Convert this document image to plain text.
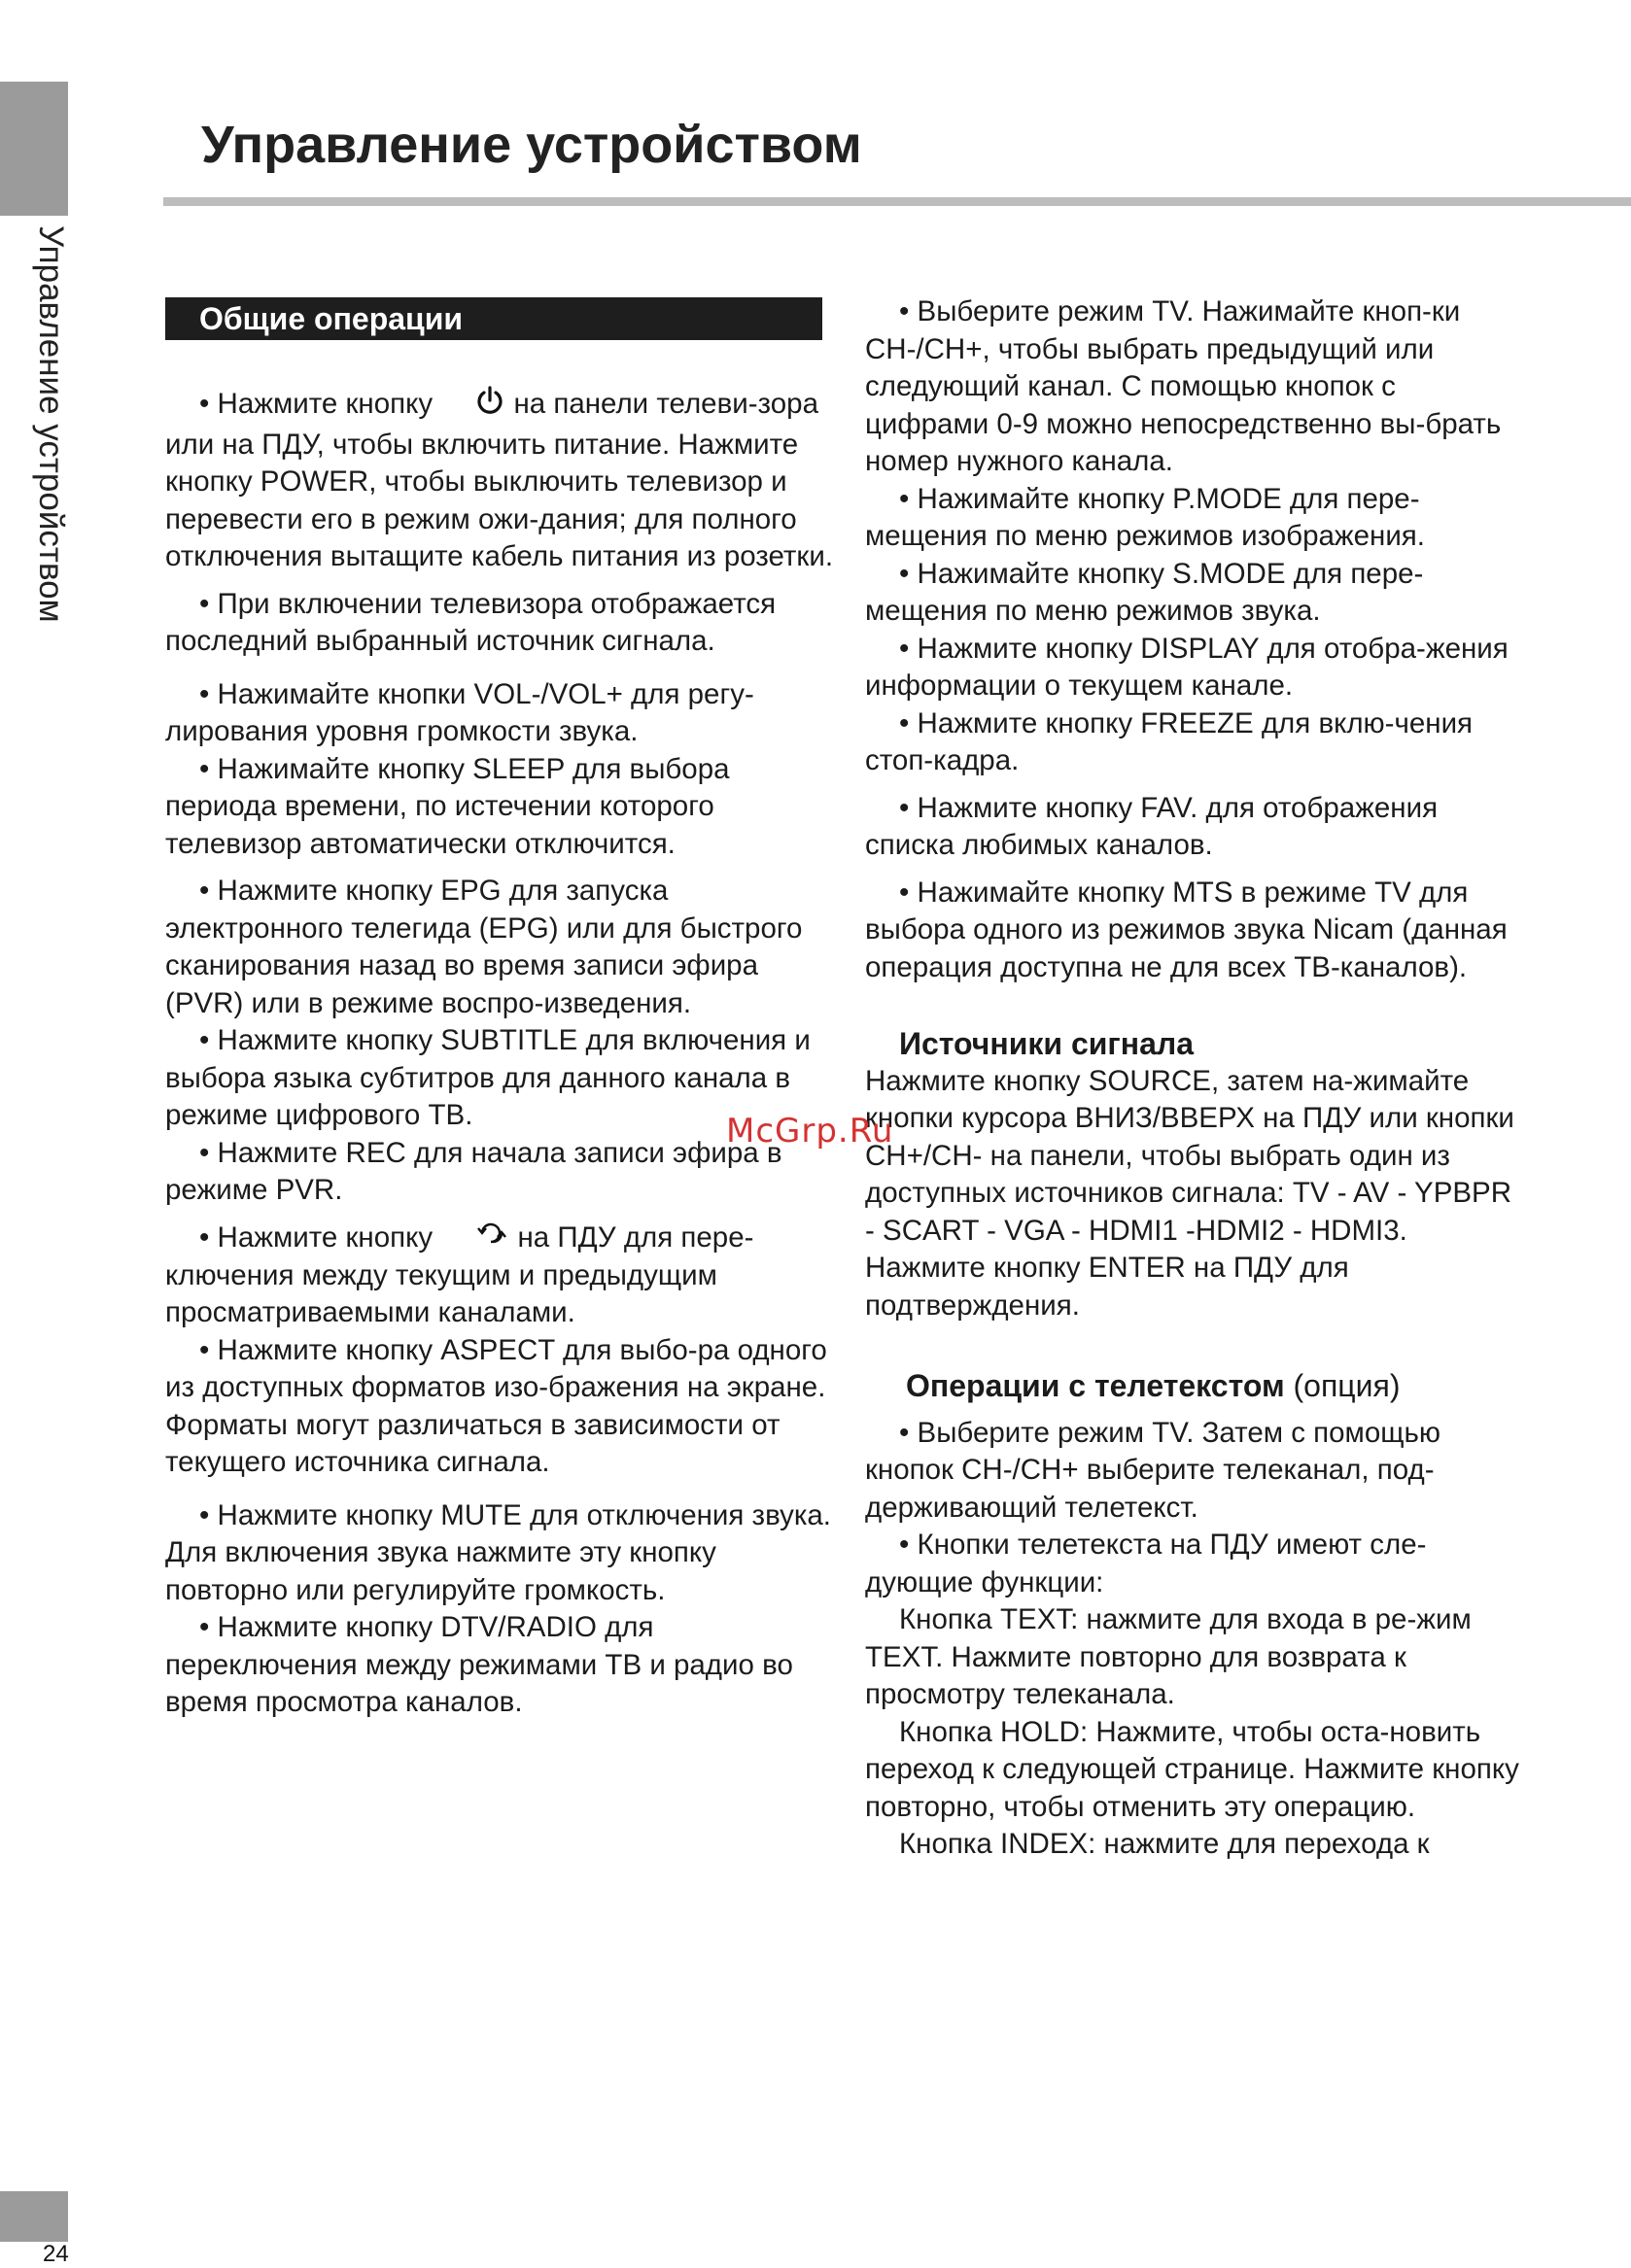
Управление устройством
24
Управление устройством
Общие операции

• Нажмите кнопку  на панели телеви-зора или на ПДУ, чтобы включить питание. Нажмите кнопку POWER, чтобы выключить телевизор и перевести его в режим ожи-дания; для полного отключения вытащите кабель питания из розетки.

• При включении телевизора отображается последний выбранный источник сигнала.

• Нажимайте кнопки VOL-/VOL+ для регу-лирования уровня громкости звука.

• Нажимайте кнопку SLEEP для выбора периода времени, по истечении которого телевизор автоматически отключится.

• Нажмите кнопку EPG для запуска электронного телегида (EPG) или для быстрого сканирования назад во время записи эфира (PVR) или в режиме воспро-изведения.

• Нажмите кнопку SUBTITLE для включения и выбора языка субтитров для данного канала в режиме цифрового ТВ.

• Нажмите REC для начала записи эфира в режиме PVR.

• Нажмите кнопку  на ПДУ для пере-ключения между текущим и предыдущим просматриваемыми каналами.

• Нажмите кнопку ASPECT для выбо-ра одного из доступных форматов изо-бражения на экране. Форматы могут различаться в зависимости от текущего источника сигнала.

• Нажмите кнопку MUTE для отключения звука. Для включения звука нажмите эту кнопку повторно или регулируйте громкость.

• Нажмите кнопку DTV/RADIO для переключения между режимами ТВ и радио во время просмотра каналов.

• Выберите режим TV. Нажимайте кноп-ки CH-/CH+, чтобы выбрать предыдущий или следующий канал. С помощью кнопок с цифрами 0-9 можно непосредственно вы-брать номер нужного канала.

• Нажимайте кнопку P.MODE для пере-мещения по меню режимов изображения.

• Нажимайте кнопку S.MODE для пере-мещения по меню режимов звука.

• Нажмите кнопку DISPLAY для отобра-жения информации о текущем канале.

• Нажмите кнопку FREEZE для вклю-чения стоп-кадра.

• Нажмите кнопку FAV. для отображения списка любимых каналов.

• Нажимайте кнопку MTS в режиме TV для выбора одного из режимов звука Nicam (данная операция доступна не для всех ТВ-каналов).

Источники сигнала

Нажмите кнопку SOURCE, затем на-жимайте кнопки курсора ВНИЗ/ВВЕРХ на ПДУ или кнопки CH+/CH- на панели, чтобы выбрать один из доступных источников сигнала: TV - AV - YPBPR - SCART - VGA - HDMI1 -HDMI2 - HDMI3. Нажмите кнопку ENTER на ПДУ для подтверждения.

Операции с телетекстом (опция)

• Выберите режим TV. Затем с помощью кнопок CH-/CH+ выберите телеканал, под-держивающий телетекст.

• Кнопки телетекста на ПДУ имеют сле-дующие функции:

Кнопка TEXT: нажмите для входа в ре-жим TEXT. Нажмите повторно для возврата к просмотру телеканала.

Кнопка HOLD: Нажмите, чтобы оста-новить переход к следующей странице. Нажмите кнопку повторно, чтобы отменить эту операцию.

Кнопка INDEX: нажмите для перехода к

McGrp.Ru
